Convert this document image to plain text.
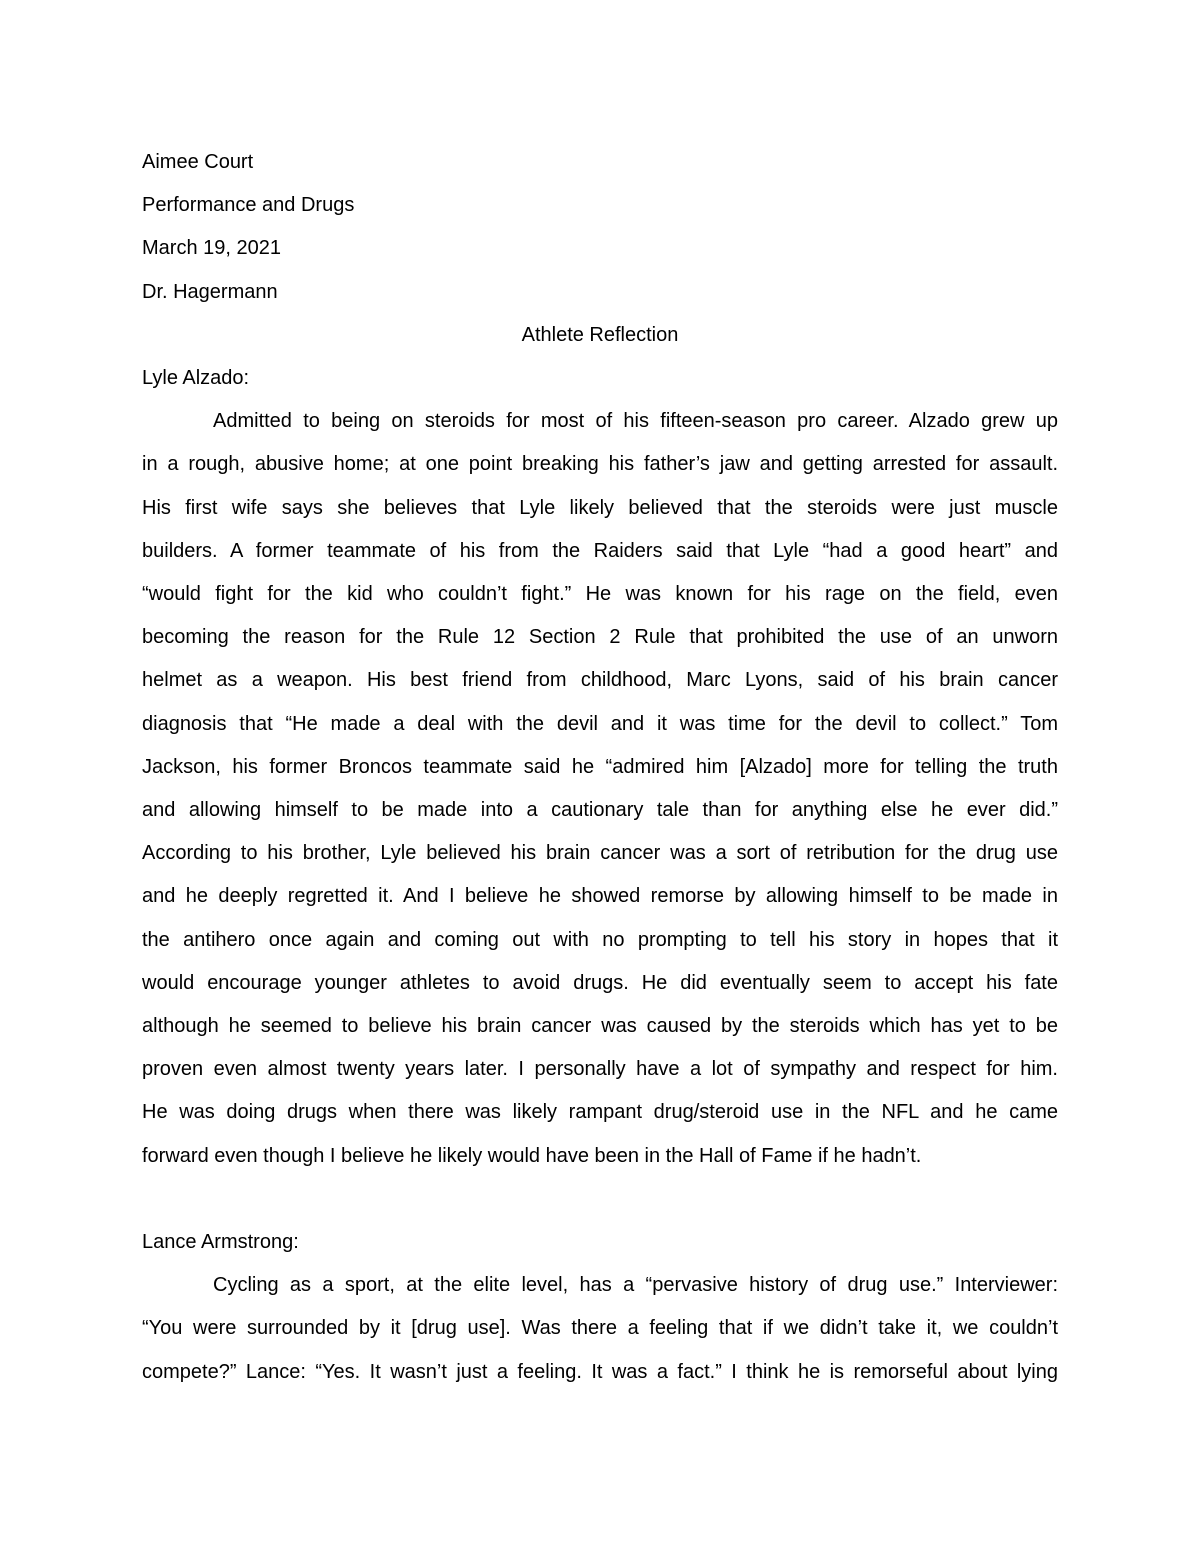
Aimee Court
Performance and Drugs
March 19, 2021
Dr. Hagermann
Athlete Reflection
Lyle Alzado:
Admitted to being on steroids for most of his fifteen-season pro career. Alzado grew up
in a rough, abusive home; at one point breaking his father’s jaw and getting arrested for assault.
His first wife says she believes that Lyle likely believed that the steroids were just muscle
builders. A former teammate of his from the Raiders said that Lyle “had a good heart” and
“would fight for the kid who couldn’t fight.” He was known for his rage on the field, even
becoming the reason for the Rule 12 Section 2 Rule that prohibited the use of an unworn
helmet as a weapon. His best friend from childhood, Marc Lyons, said of his brain cancer
diagnosis that “He made a deal with the devil and it was time for the devil to collect.” Tom
Jackson, his former Broncos teammate said he “admired him [Alzado] more for telling the truth
and allowing himself to be made into a cautionary tale than for anything else he ever did.”
According to his brother, Lyle believed his brain cancer was a sort of retribution for the drug use
and he deeply regretted it. And I believe he showed remorse by allowing himself to be made in
the antihero once again and coming out with no prompting to tell his story in hopes that it
would encourage younger athletes to avoid drugs. He did eventually seem to accept his fate
although he seemed to believe his brain cancer was caused by the steroids which has yet to be
proven even almost twenty years later. I personally have a lot of sympathy and respect for him.
He was doing drugs when there was likely rampant drug/steroid use in the NFL and he came
forward even though I believe he likely would have been in the Hall of Fame if he hadn’t.
Lance Armstrong:
Cycling as a sport, at the elite level, has a “pervasive history of drug use.” Interviewer:
“You were surrounded by it [drug use]. Was there a feeling that if we didn’t take it, we couldn’t
compete?” Lance: “Yes. It wasn’t just a feeling. It was a fact.” I think he is remorseful about lying
